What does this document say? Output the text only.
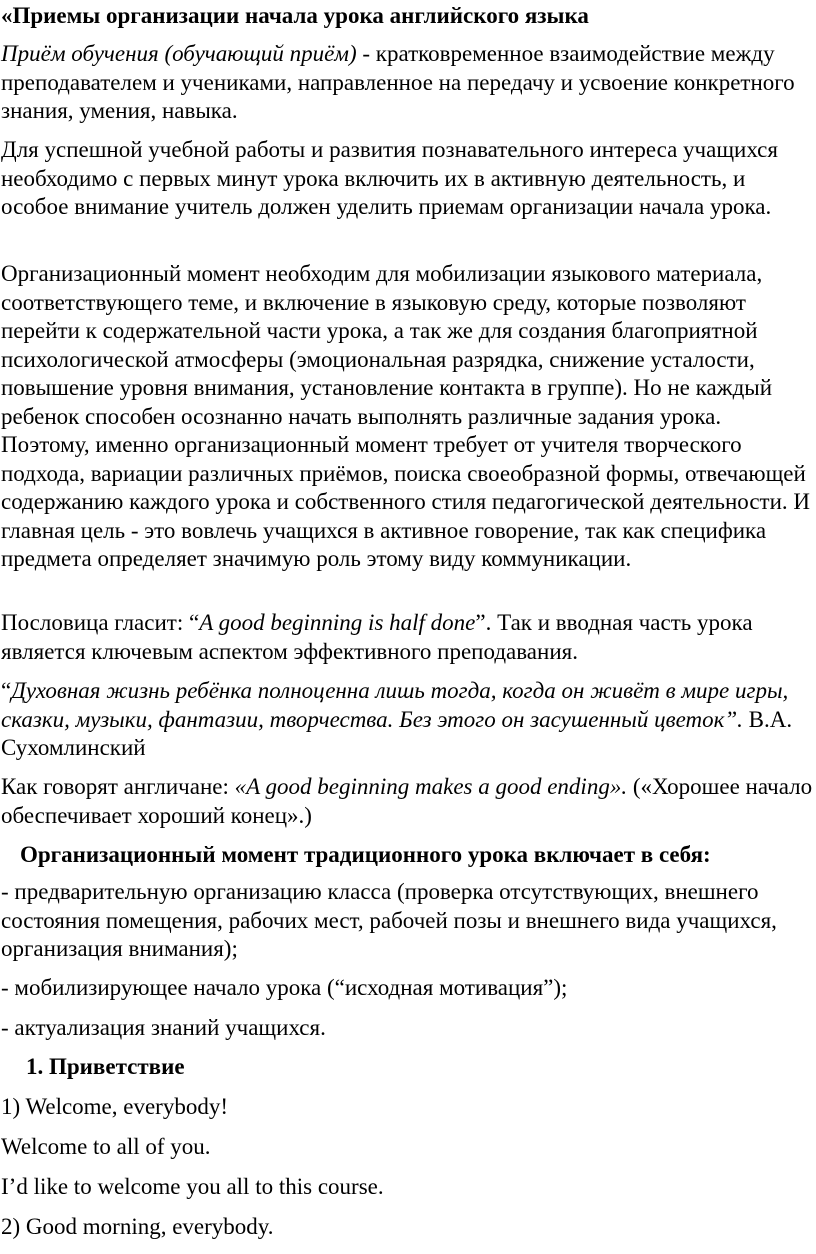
«Приемы организации начала урока английского языка

Приём обучения (обучающий приём) - кратковременное взаимодействие между преподавателем и учениками, направленное на передачу и усвоение конкретного знания, умения, навыка.

Для успешной учебной работы и развития познавательного интереса учащихся необходимо с первых минут урока включить их в активную деятельность, и особое внимание учитель должен уделить приемам организации начала урока.

Организационный момент необходим для мобилизации языкового материала, соответствующего теме, и включение в языковую среду, которые позволяют перейти к содержательной части урока, а так же для создания благоприятной психологической атмосферы (эмоциональная разрядка, снижение усталости, повышение уровня внимания, установление контакта в группе). Но не каждый ребенок способен осознанно начать выполнять различные задания урока. Поэтому, именно организационный момент требует от учителя творческого подхода, вариации различных приёмов, поиска своеобразной формы, отвечающей содержанию каждого урока и собственного стиля педагогической деятельности. И главная цель - это вовлечь учащихся в активное говорение, так как специфика предмета определяет значимую роль этому виду коммуникации.

Пословица гласит: “A good beginning is half done”. Так и вводная часть урока является ключевым аспектом эффективного преподавания.

“Духовная жизнь ребёнка полноценна лишь тогда, когда он живёт в мире игры, сказки, музыки, фантазии, творчества. Без этого он засушенный цветок”. В.А. Сухомлинский

Как говорят англичане: «A good beginning makes a good ending». («Хорошее начало обеспечивает хороший конец».)

Организационный момент традиционного урока включает в себя:

- предварительную организацию класса (проверка отсутствующих, внешнего состояния помещения, рабочих мест, рабочей позы и внешнего вида учащихся, организация внимания);

- мобилизирующее начало урока (“исходная мотивация”);

- актуализация знаний учащихся.

1. Приветствие

1) Welcome, everybody!

Welcome to all of you.

I’d like to welcome you all to this course.

2) Good morning, everybody.
